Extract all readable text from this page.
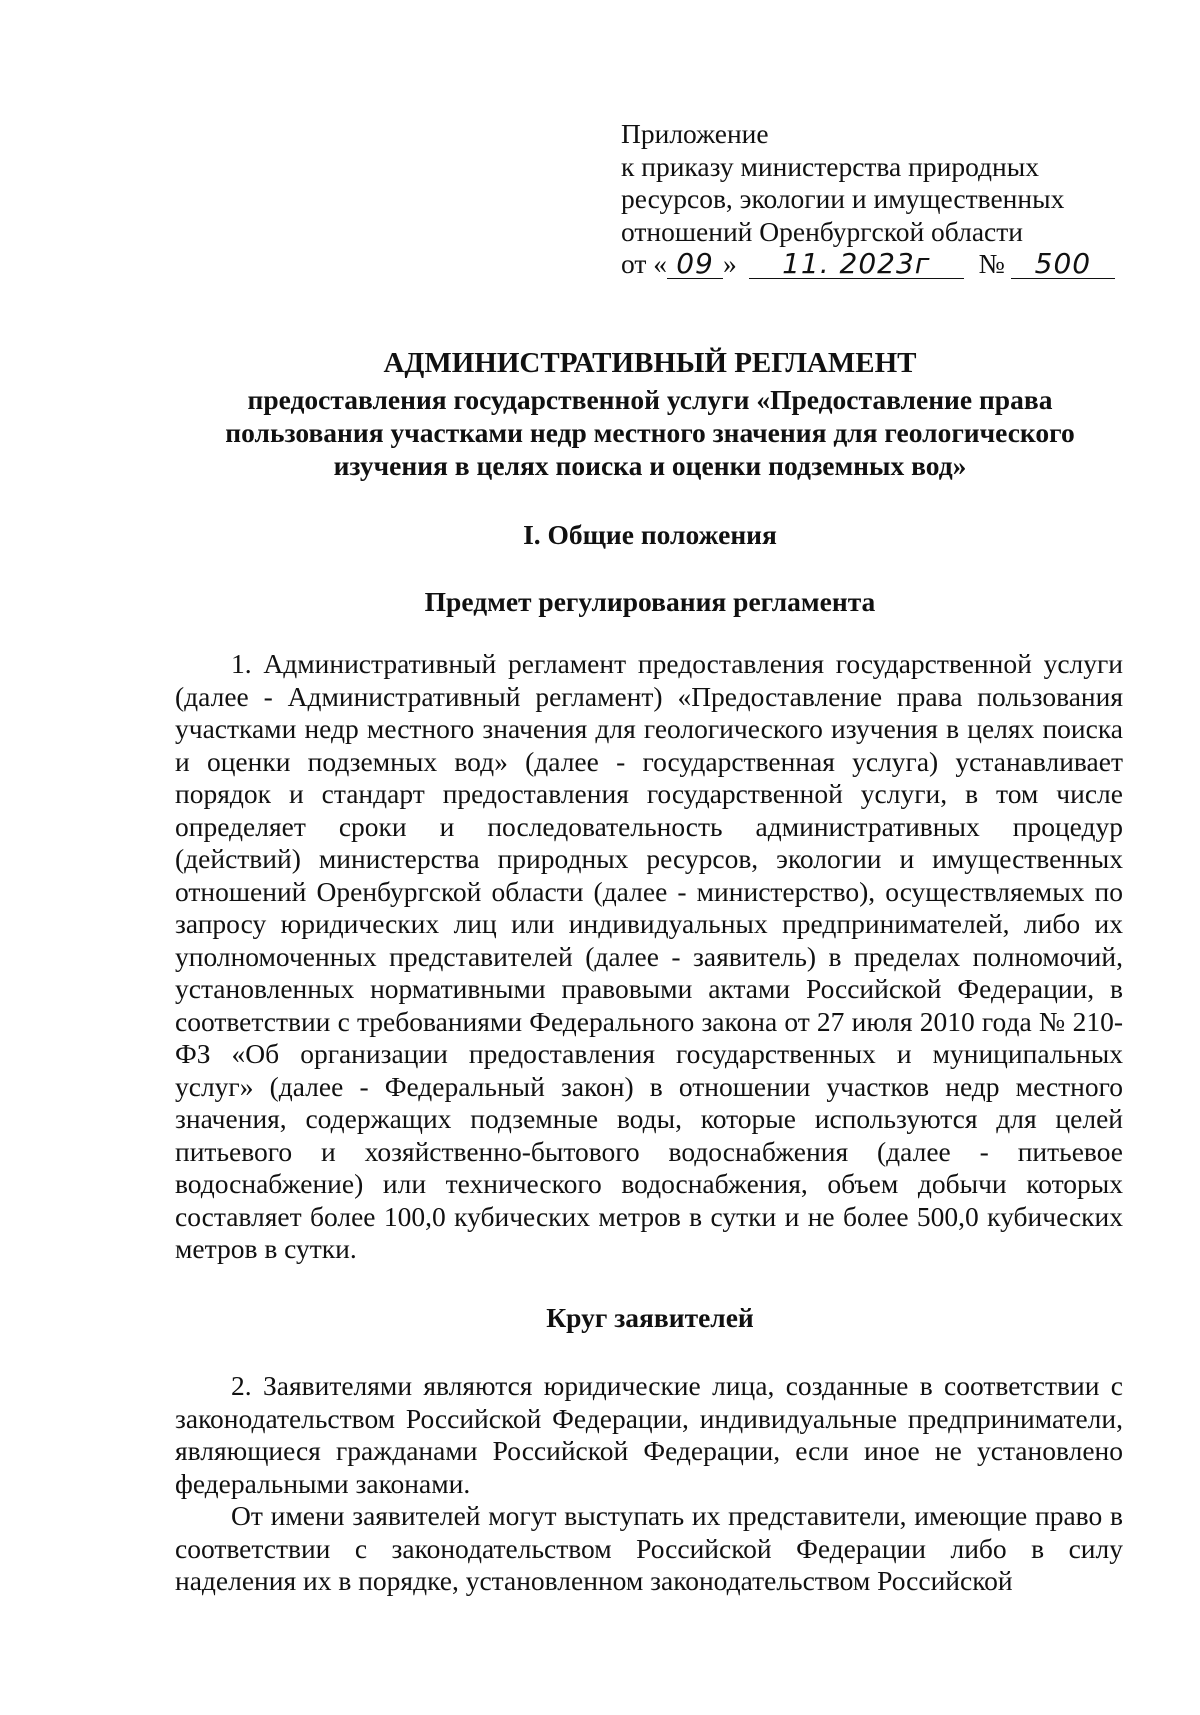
Приложение
к приказу министерства природных
ресурсов, экологии и имущественных
отношений Оренбургской области
от « 09 » 11. 2023г № 500
АДМИНИСТРАТИВНЫЙ РЕГЛАМЕНТ
предоставления государственной услуги «Предоставление права
пользования участками недр местного значения для геологического
изучения в целях поиска и оценки подземных вод»
I. Общие положения
Предмет регулирования регламента
1. Административный регламент предоставления государственной услуги (далее - Административный регламент) «Предоставление права пользования участками недр местного значения для геологического изучения в целях поиска и оценки подземных вод» (далее - государственная услуга) устанавливает порядок и стандарт предоставления государственной услуги, в том числе определяет сроки и последовательность административных процедур (действий) министерства природных ресурсов, экологии и имущественных отношений Оренбургской области (далее - министерство), осуществляемых по запросу юридических лиц или индивидуальных предпринимателей, либо их уполномоченных представителей (далее - заявитель) в пределах полномочий, установленных нормативными правовыми актами Российской Федерации, в соответствии с требованиями Федерального закона от 27 июля 2010 года № 210-ФЗ «Об организации предоставления государственных и муниципальных услуг» (далее - Федеральный закон) в отношении участков недр местного значения, содержащих подземные воды, которые используются для целей питьевого и хозяйственно-бытового водоснабжения (далее - питьевое водоснабжение) или технического водоснабжения, объем добычи которых составляет более 100,0 кубических метров в сутки и не более 500,0 кубических метров в сутки.
Круг заявителей
2. Заявителями являются юридические лица, созданные в соответствии с законодательством Российской Федерации, индивидуальные предприниматели, являющиеся гражданами Российской Федерации, если иное не установлено федеральными законами.
От имени заявителей могут выступать их представители, имеющие право в соответствии с законодательством Российской Федерации либо в силу наделения их в порядке, установленном законодательством Российской
